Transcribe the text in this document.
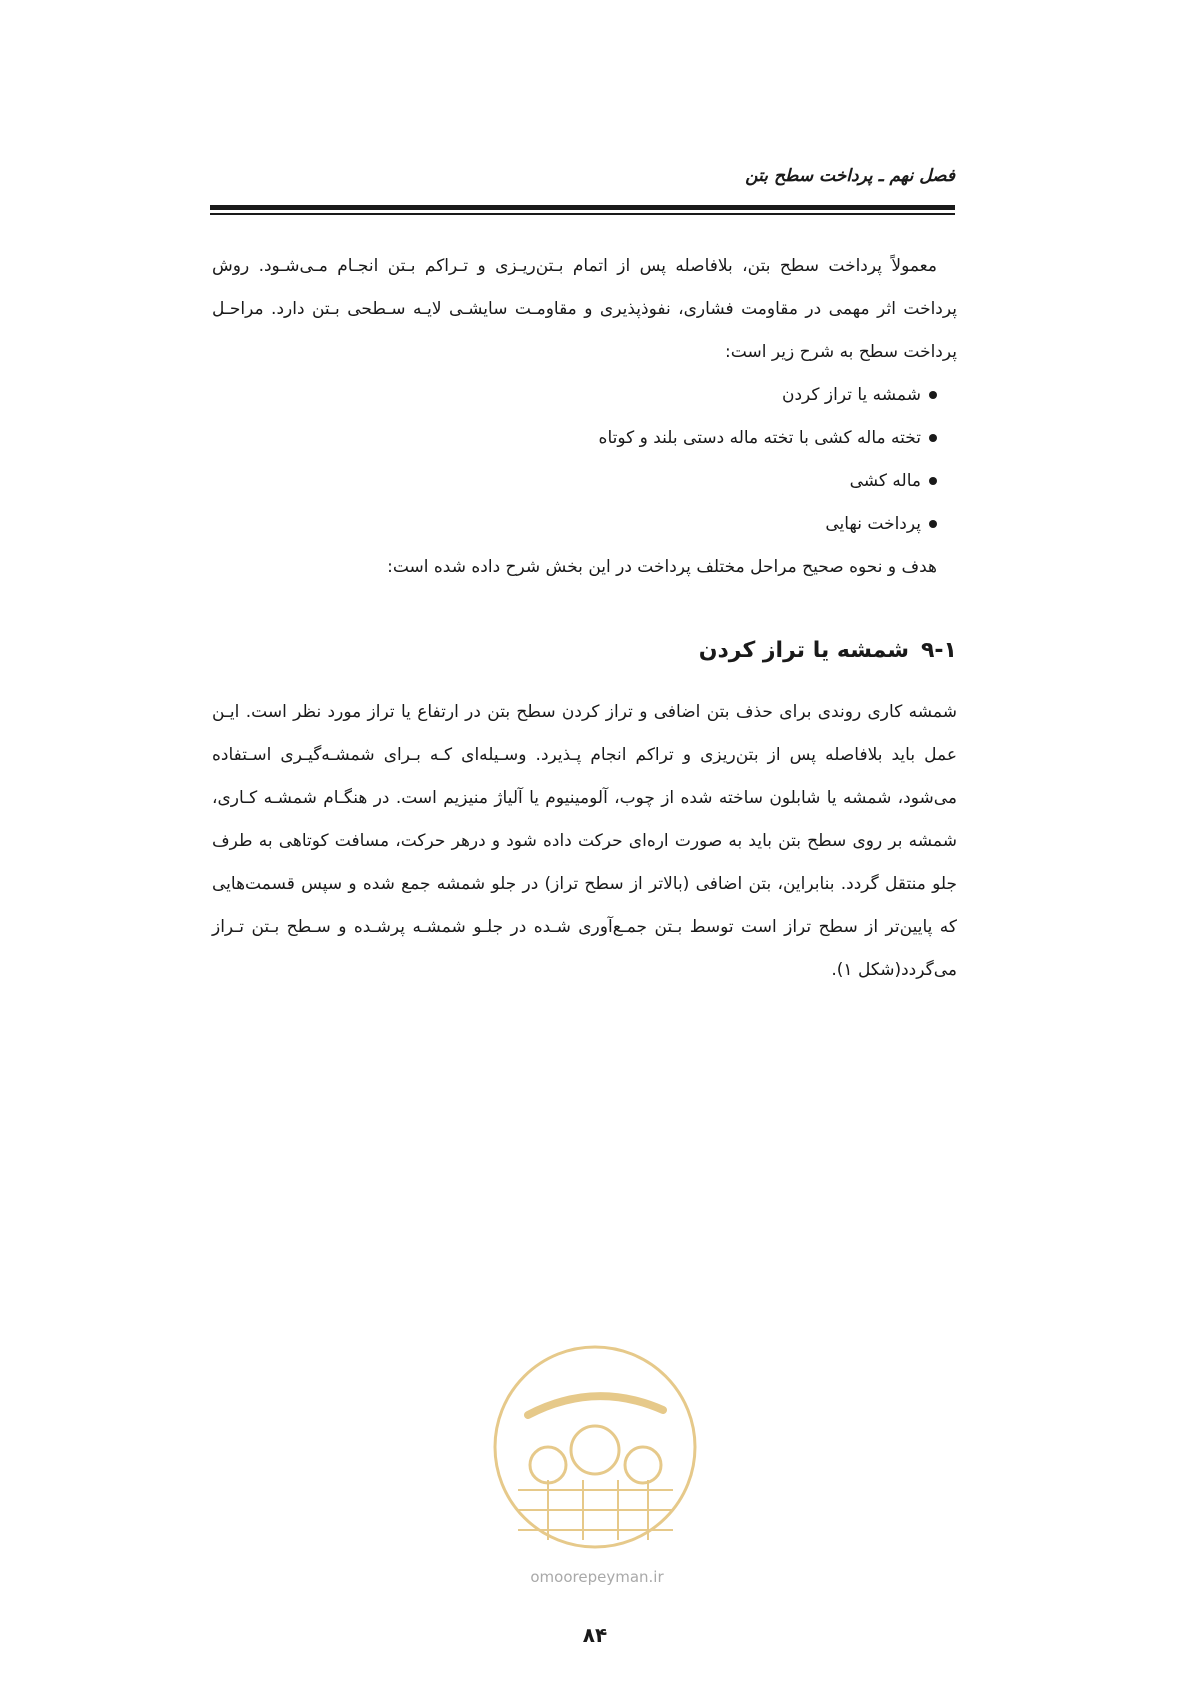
فصل نهم ـ پرداخت سطح بتن

معمولاً پرداخت سطح بتن، بلافاصله پس از اتمام بـتن‌ریـزی و تـراکم بـتن انجـام مـی‌شـود. روش پرداخت اثر مهمی در مقاومت فشاری، نفوذپذیری و مقاومـت سایشـی لایـه سـطحی بـتن دارد. مراحـل پرداخت سطح به شرح زیر است:

شمشه یا تراز کردن
تخته ماله کشی با تخته ماله دستی بلند و کوتاه
ماله کشی
پرداخت نهایی

هدف و نحوه صحیح مراحل مختلف پرداخت در این بخش شرح داده شده است:

۹-۱شمشه یا تراز کردن

شمشه کاری روندی برای حذف بتن اضافی و تراز کردن سطح بتن در ارتفاع یا تراز مورد نظر است. ایـن عمل باید بلافاصله پس از بتن‌ریزی و تراکم انجام پـذیرد. وسـیله‌ای کـه بـرای شمشـه‌گیـری اسـتفاده می‌شود، شمشه یا شابلون ساخته شده از چوب، آلومینیوم یا آلیاژ منیزیم است. در هنگـام شمشـه کـاری، شمشه بر روی سطح بتن باید به صورت اره‌ای حرکت داده شود و درهر حرکت، مسافت کوتاهی به طرف جلو منتقل گردد. بنابراین، بتن اضافی (بالاتر از سطح تراز) در جلو شمشه جمع شده و سپس قسمت‌هایی که پایین‌تر از سطح تراز است توسط بـتن جمـع‌آوری شـده در جلـو شمشـه پرشـده و سـطح بـتن تـراز می‌گردد(شکل ۱).

omoorepeyman.ir
۸۴
